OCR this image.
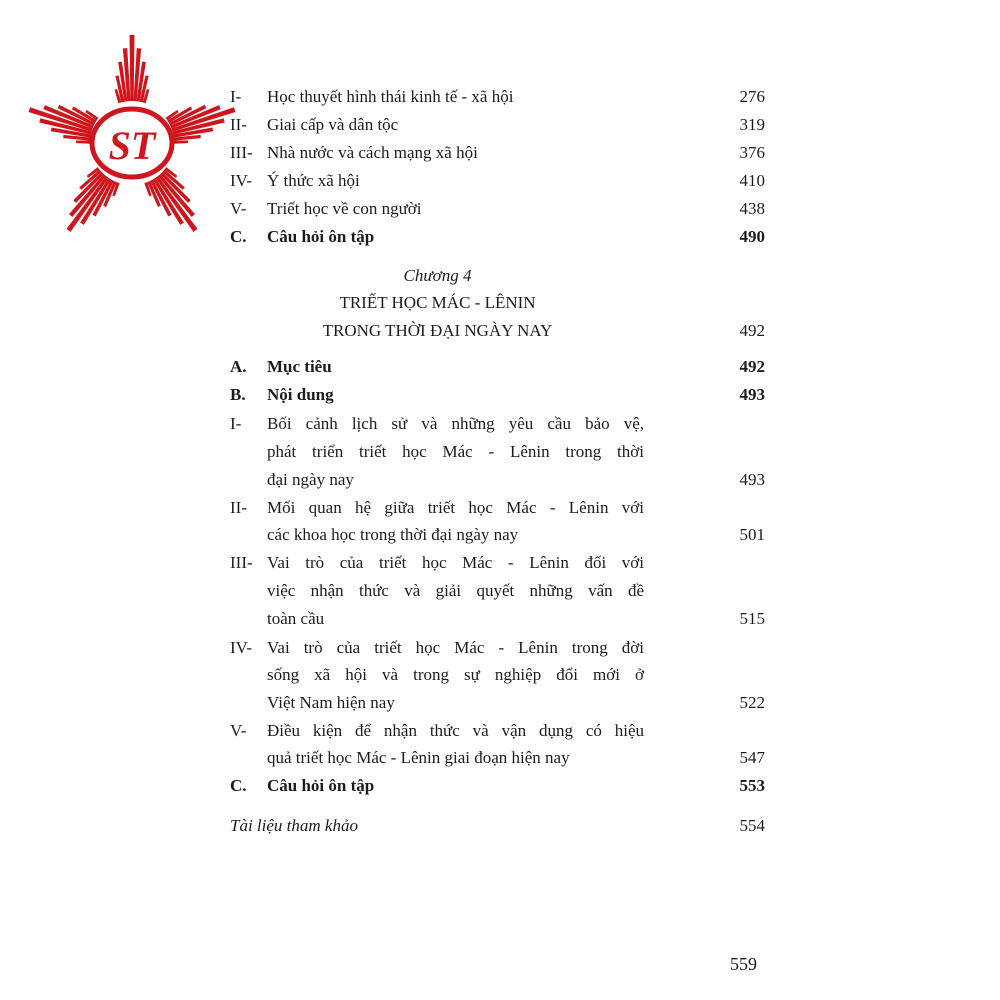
ST
I- Học thuyết hình thái kinh tế - xã hội	276
II- Giai cấp và dân tộc	319
III- Nhà nước và cách mạng xã hội	376
IV- Ý thức xã hội	410
V- Triết học về con người	438
C. Câu hỏi ôn tập	490
Chương 4
TRIẾT HỌC MÁC - LÊNIN
TRONG THỜI ĐẠI NGÀY NAY	492
A. Mục tiêu	492
B. Nội dung	493
I- Bối cảnh lịch sử và những yêu cầu bảo vệ,
phát triển triết học Mác - Lênin trong thời
đại ngày nay	493
II- Mối quan hệ giữa triết học Mác - Lênin với
các khoa học trong thời đại ngày nay	501
III- Vai trò của triết học Mác - Lênin đối với
việc nhận thức và giải quyết những vấn đề
toàn cầu	515
IV- Vai trò của triết học Mác - Lênin trong đời
sống xã hội và trong sự nghiệp đổi mới ở
Việt Nam hiện nay	522
V- Điều kiện để nhận thức và vận dụng có hiệu
quả triết học Mác - Lênin giai đoạn hiện nay	547
C. Câu hỏi ôn tập	553
Tài liệu tham khảo	554
559
